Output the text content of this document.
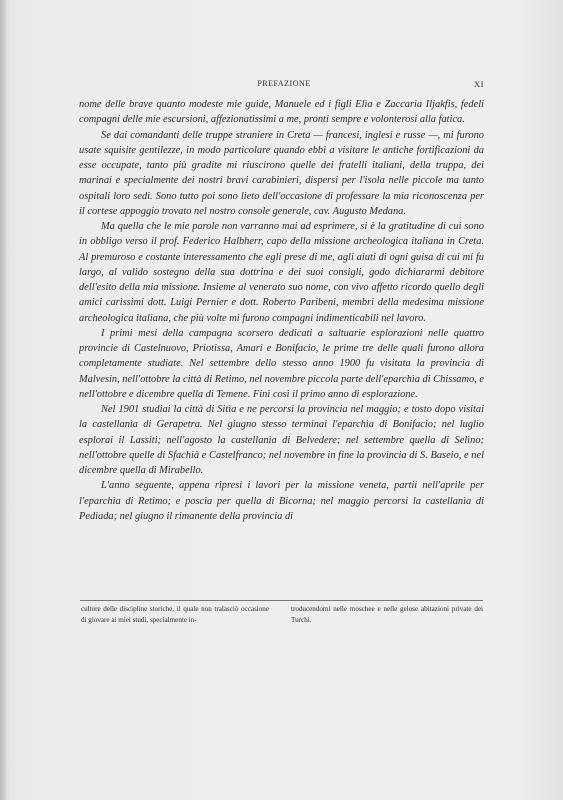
PREFAZIONE	XI

nome delle brave quanto modeste mie guide, Manuele ed i figli Elìa e Zaccaria Iljakfis, fedeli compagni delle mie escursioni, affezionatissimi a me, pronti sempre e volonterosi alla fatica.

Se dai comandanti delle truppe straniere in Creta — francesi, inglesi e russe —, mi furono usate squisite gentilezze, in modo particolare quando ebbi a visitare le antiche fortificazioni da esse occupate, tanto più gradite mi riuscirono quelle dei fratelli italiani, della truppa, dei marinai e specialmente dei nostri bravi carabinieri, dispersi per l'isola nelle piccole ma tanto ospitali loro sedi. Sono tutto poi sono lieto dell'occasione di professare la mia riconoscenza per il cortese appoggio trovato nel nostro console generale, cav. Augusto Medana.

Ma quella che le mie parole non varranno mai ad esprimere, si è la gratitudine di cui sono in obbligo verso il prof. Federico Halbherr, capo della missione archeologica italiana in Creta. Al premuroso e costante interessamento che egli prese di me, agli aiuti di ogni guisa di cui mi fu largo, al valido sostegno della sua dottrina e dei suoi consigli, godo dichiararmi debitore dell'esito della mia missione. Insieme al venerato suo nome, con vivo affetto ricordo quello degli amici carissimi dott. Luigi Pernier e dott. Roberto Paribeni, membri della medesima missione archeologica italiana, che più volte mi furono compagni indimenticabili nel lavoro.

I primi mesi della campagna scorsero dedicati a saltuarie esplorazioni nelle quattro provincie di Castelnuovo, Priotissa, Amari e Bonifacio, le prime tre delle quali furono allora completamente studiate. Nel settembre dello stesso anno 1900 fu visitata la provincia di Malvesin, nell'ottobre la città di Retimo, nel novembre piccola parte dell'eparchìa di Chissamo, e nell'ottobre e dicembre quella di Temene. Finì così il primo anno di esplorazione.

Nel 1901 studiai la città di Sitìa e ne percorsi la provincia nel maggio; e tosto dopo visitai la castellanìa di Gerapetra. Nel giugno stesso terminai l'eparchìa di Bonifacio; nel luglio esplorai il Lassiti; nell'agosto la castellanìa di Belvedere; nel settembre quella di Selìno; nell'ottobre quelle di Sfachià e Castelfranco; nel novembre in fine la provincia di S. Baseio, e nel dicembre quella di Mirabello.

L'anno seguente, appena ripresi i lavori per la missione veneta, partii nell'aprile per l'eparchìa di Retimo; e poscia per quella di Bicorna; nel maggio percorsi la castellanìa di Pediada; nel giugno il rimanente della provincia di

cultore delle discipline storiche, il quale non tralasciò occasione di giovare ai miei studi, specialmente in-
troducendomi nelle moschee e nelle gelose abitazioni private dei Turchi.
